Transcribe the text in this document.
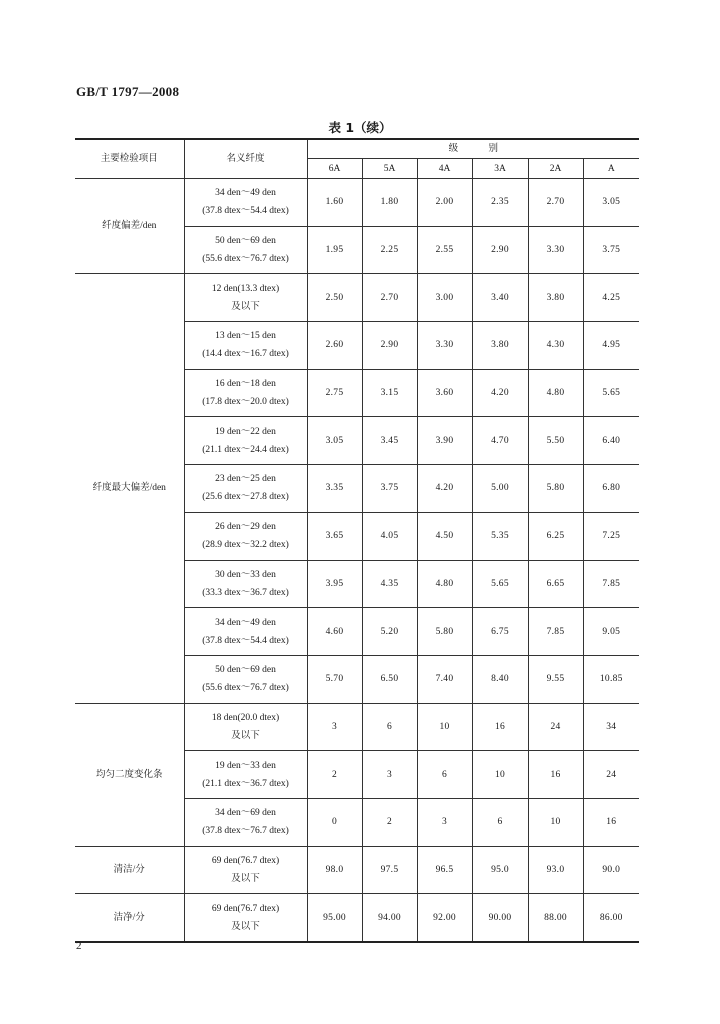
GB/T 1797—2008
表 1（续）
主要检验项目	名义纤度	级 别					
		6A	5A	4A	3A	2A	A
纤度偏差/den	34 den～49 den
(37.8 dtex～54.4 dtex)	1.60	1.80	2.00	2.35	2.70	3.05

	50 den～69 den
(55.6 dtex～76.7 dtex)	1.95	2.25	2.55	2.90	3.30	3.75
纤度最大偏差/den	12 den(13.3 dtex)
及以下	2.50	2.70	3.00	3.40	3.80	4.25

	13 den～15 den
(14.4 dtex～16.7 dtex)	2.60	2.90	3.30	3.80	4.30	4.95

	16 den～18 den
(17.8 dtex～20.0 dtex)	2.75	3.15	3.60	4.20	4.80	5.65

	19 den～22 den
(21.1 dtex～24.4 dtex)	3.05	3.45	3.90	4.70	5.50	6.40

	23 den～25 den
(25.6 dtex～27.8 dtex)	3.35	3.75	4.20	5.00	5.80	6.80

	26 den～29 den
(28.9 dtex～32.2 dtex)	3.65	4.05	4.50	5.35	6.25	7.25

	30 den～33 den
(33.3 dtex～36.7 dtex)	3.95	4.35	4.80	5.65	6.65	7.85

	34 den～49 den
(37.8 dtex～54.4 dtex)	4.60	5.20	5.80	6.75	7.85	9.05

	50 den～69 den
(55.6 dtex～76.7 dtex)	5.70	6.50	7.40	8.40	9.55	10.85
均匀二度变化条	18 den(20.0 dtex)
及以下	3	6	10	16	24	34

	19 den～33 den
(21.1 dtex～36.7 dtex)	2	3	6	10	16	24

	34 den～69 den
(37.8 dtex～76.7 dtex)	0	2	3	6	10	16
清洁/分	69 den(76.7 dtex)
及以下	98.0	97.5	96.5	95.0	93.0	90.0
洁净/分	69 den(76.7 dtex)
及以下	95.00	94.00	92.00	90.00	88.00	86.00
2
